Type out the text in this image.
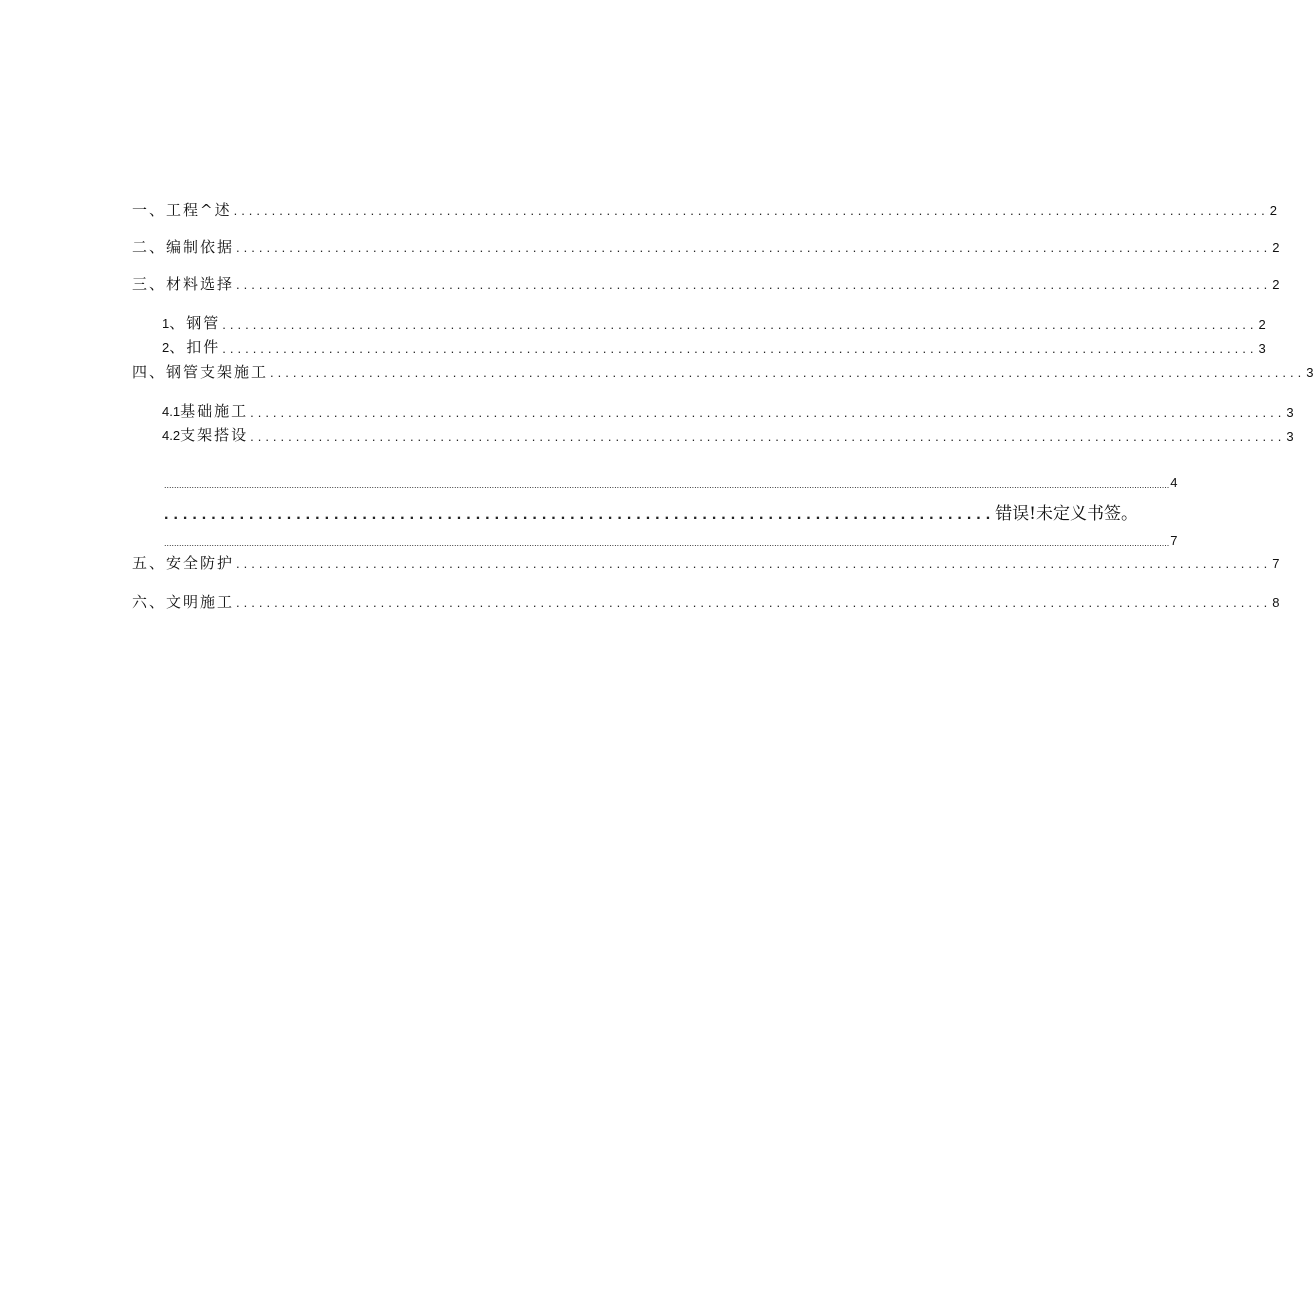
一、工程^述 ........................................................................................................................................ 2
二、编制依据 ........................................................................................................................................ 2
三、材料选择 ........................................................................................................................................ 2
1、钢管 ........................................................................................................................................ 2
2、扣件 ........................................................................................................................................ 3
四、钢管支架施工 ........................................................................................................................................ 3
4.1基础施工 ........................................................................................................................................ 3
4.2支架搭设 ........................................................................................................................................ 3
.................................................................................................................................................................................................................................................................................................................................................................................................................. 4
........................................................................................ 错误!未定义书签。
.................................................................................................................................................................................................................................................................................................................................................................................................................. 7
五、安全防护 ........................................................................................................................................ 7
六、文明施工 ........................................................................................................................................ 8
